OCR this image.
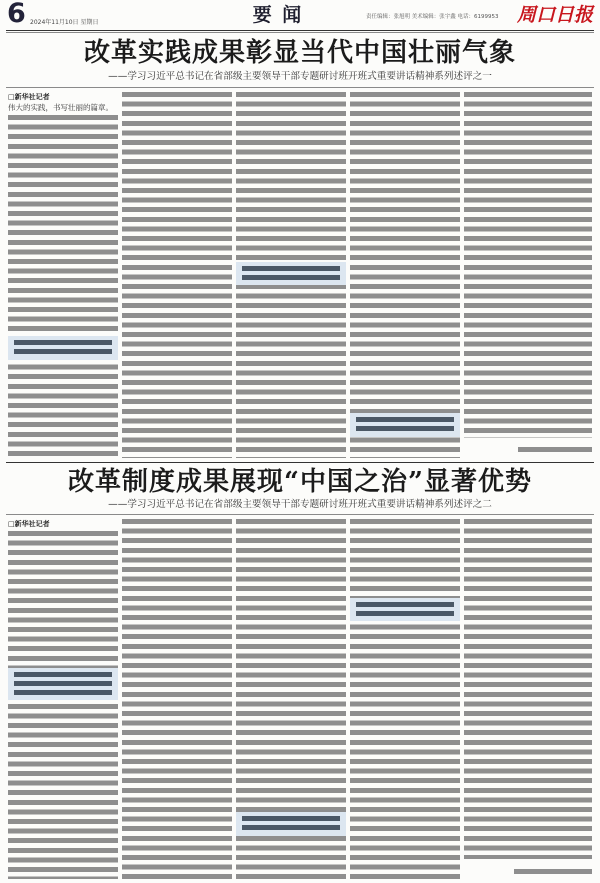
6 2024年11月10日 星期日	要 闻	责任编辑：张旭明 美术编辑：张宇鑫 电话：6199953 周口日报
改革实践成果彰显当代中国壮丽气象
——学习习近平总书记在省部级主要领导干部专题研讨班开班式重要讲话精神系列述评之一
□新华社记者
伟大的实践，书写壮丽的篇章。
改革制度成果展现“中国之治”显著优势
——学习习近平总书记在省部级主要领导干部专题研讨班开班式重要讲话精神系列述评之二
□新华社记者
